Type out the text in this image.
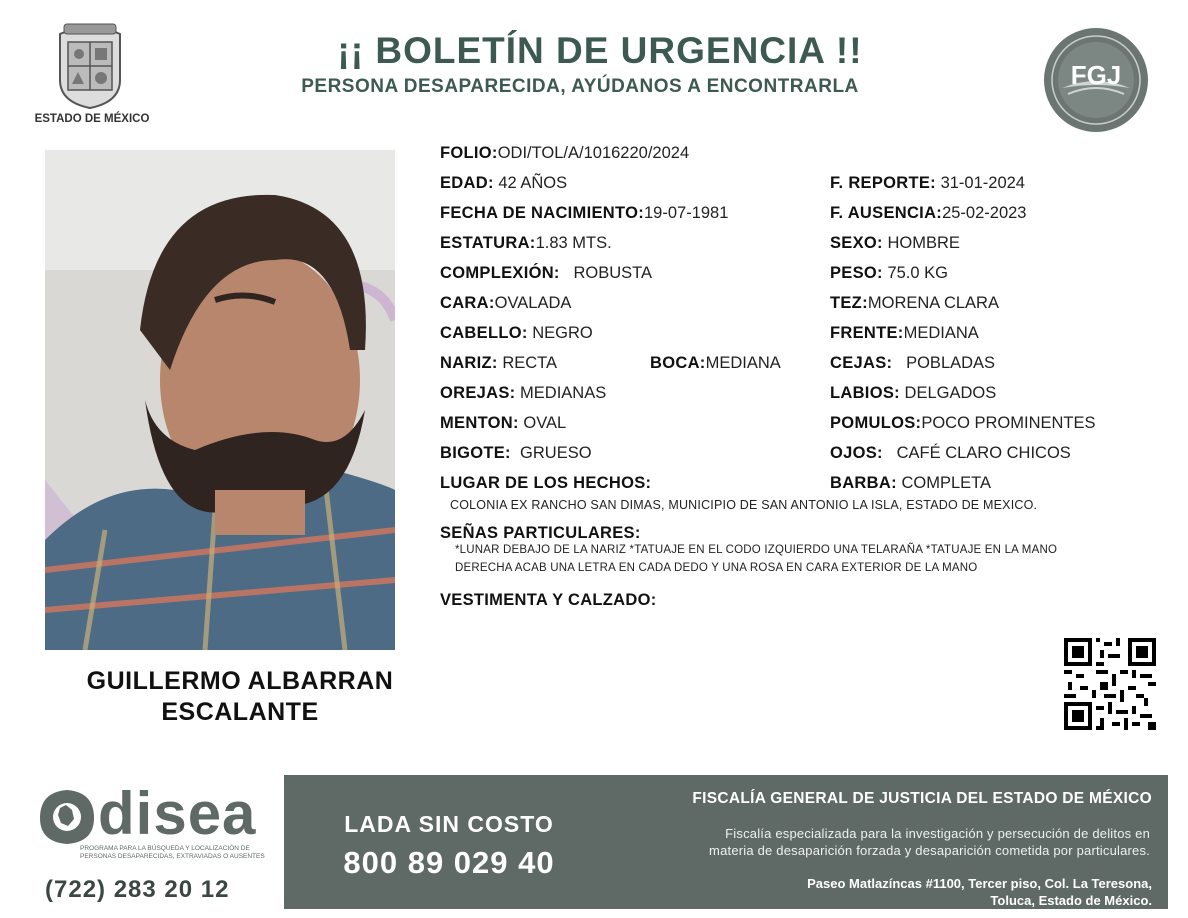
ESTADO DE MÉXICO
¡¡ BOLETÍN DE URGENCIA !!
PERSONA DESAPARECIDA, AYÚDANOS A ENCONTRARLA	FGJ
GUILLERMO ALBARRAN
ESCALANTE
FOLIO:ODI/TOL/A/1016220/2024
EDAD: 42 AÑOS	F. REPORTE: 31-01-2024
FECHA DE NACIMIENTO:19-07-1981	F. AUSENCIA:25-02-2023
ESTATURA:1.83 MTS.	SEXO: HOMBRE
COMPLEXIÓN: ROBUSTA	PESO: 75.0 KG
CARA:OVALADA	TEZ:MORENA CLARA
CABELLO: NEGRO	FRENTE:MEDIANA
NARIZ: RECTA	BOCA:MEDIANA	CEJAS: POBLADAS
OREJAS: MEDIANAS	LABIOS: DELGADOS
MENTON: OVAL	POMULOS:POCO PROMINENTES
BIGOTE: GRUESO	OJOS: CAFÉ CLARO CHICOS
LUGAR DE LOS HECHOS:	BARBA: COMPLETA
COLONIA EX RANCHO SAN DIMAS, MUNICIPIO DE SAN ANTONIO LA ISLA, ESTADO DE MEXICO.
SEÑAS PARTICULARES:
*LUNAR DEBAJO DE LA NARIZ *TATUAJE EN EL CODO IZQUIERDO UNA TELARAÑA *TATUAJE EN LA MANO
DERECHA ACAB UNA LETRA EN CADA DEDO Y UNA ROSA EN CARA EXTERIOR DE LA MANO
VESTIMENTA Y CALZADO:
disea
PROGRAMA PARA LA BÚSQUEDA Y LOCALIZACIÓN DE PERSONAS DESAPARECIDAS, EXTRAVIADAS O AUSENTES
(722) 283 20 12
LADA SIN COSTO
800 89 029 40
FISCALÍA GENERAL DE JUSTICIA DEL ESTADO DE MÉXICO
Fiscalía especializada para la investigación y persecución de delitos en
materia de desaparición forzada y desaparición cometida por particulares.
Paseo Matlazíncas #1100, Tercer piso, Col. La Teresona,
Toluca, Estado de México.
